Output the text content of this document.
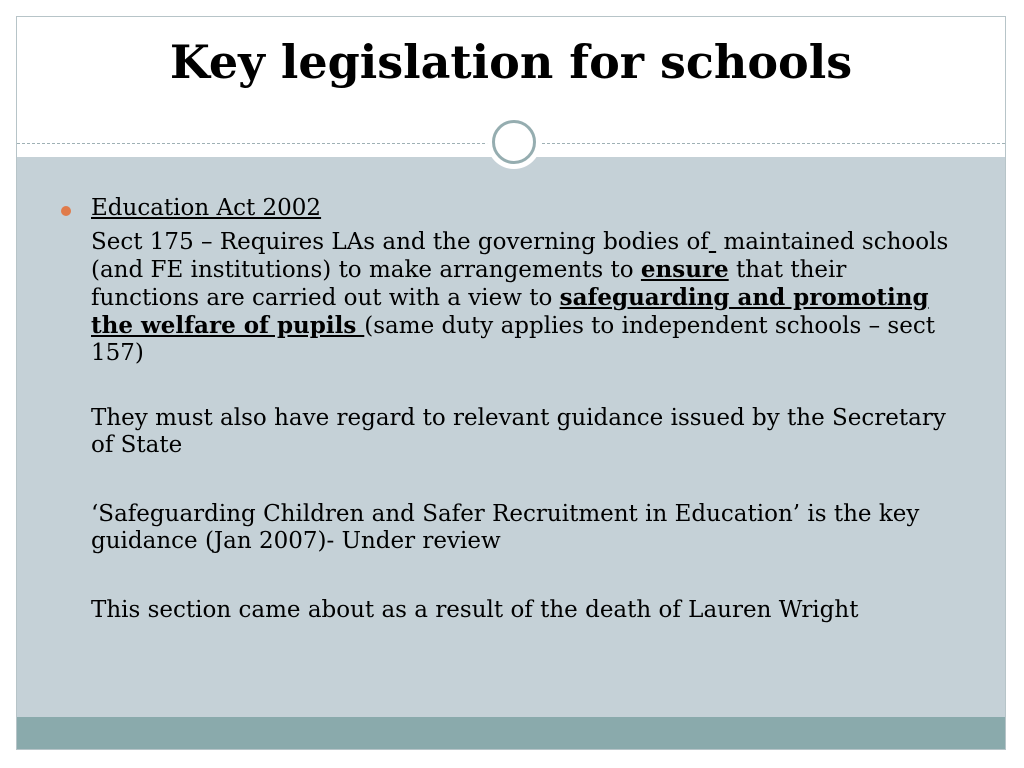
Key legislation for schools
Education Act 2002

Sect 175 – Requires LAs and the governing bodies of  maintained schools (and FE institutions) to make arrangements to ensure that their functions are carried out with a view to safeguarding and promoting the welfare of pupils (same duty applies to independent schools – sect 157)

They must also have regard to relevant guidance issued by the Secretary of State

‘Safeguarding Children and Safer Recruitment in Education’ is the key guidance (Jan 2007)- Under review

This section came about as a result of the death of Lauren Wright
